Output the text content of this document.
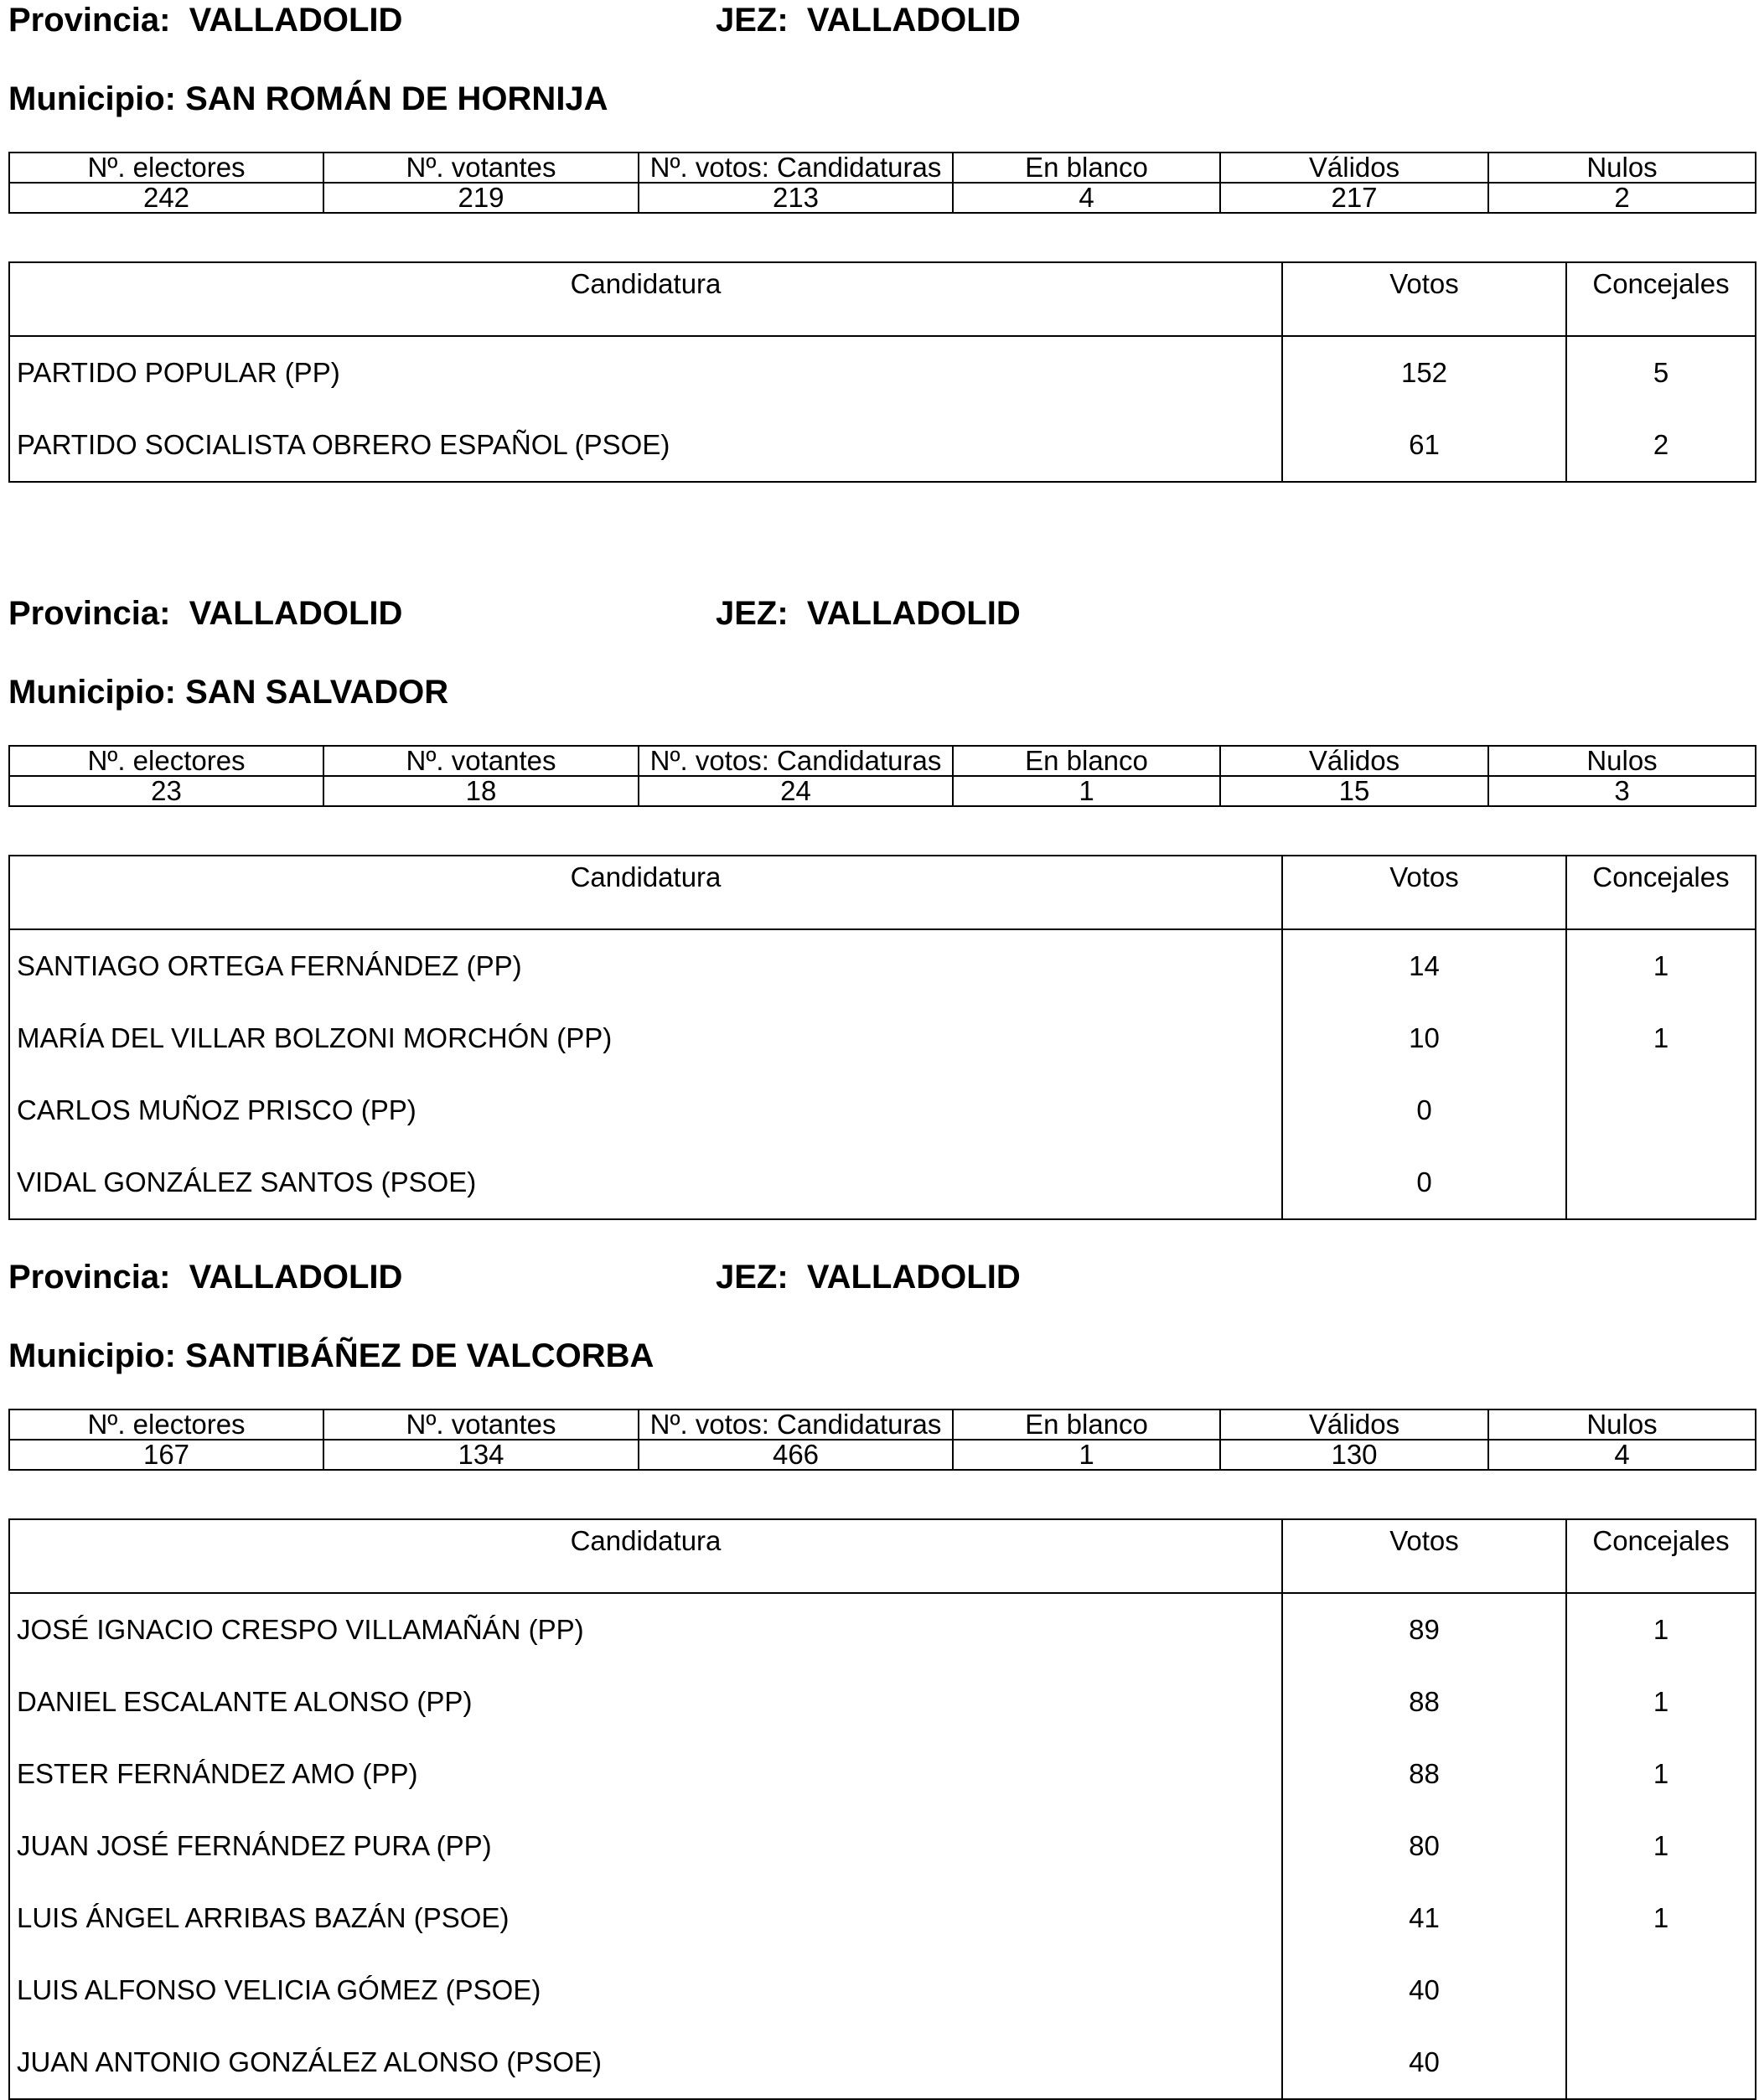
Provincia: VALLADOLID	JEZ: VALLADOLID
Municipio: SAN ROMÁN DE HORNIJA
Nº. electores	Nº. votantes	Nº. votos: Candidaturas	En blanco	Válidos	Nulos
242	219	213	4	217	2
Candidatura	Votos	Concejales
PARTIDO POPULAR (PP)	152	5
PARTIDO SOCIALISTA OBRERO ESPAÑOL (PSOE)	61	2
Provincia: VALLADOLID	JEZ: VALLADOLID
Municipio: SAN SALVADOR
Nº. electores	Nº. votantes	Nº. votos: Candidaturas	En blanco	Válidos	Nulos
23	18	24	1	15	3
Candidatura	Votos	Concejales
SANTIAGO ORTEGA FERNÁNDEZ (PP)	14	1
MARÍA DEL VILLAR BOLZONI MORCHÓN (PP)	10	1
CARLOS MUÑOZ PRISCO (PP)	0	
VIDAL GONZÁLEZ SANTOS (PSOE)	0	
Provincia: VALLADOLID	JEZ: VALLADOLID
Municipio: SANTIBÁÑEZ DE VALCORBA
Nº. electores	Nº. votantes	Nº. votos: Candidaturas	En blanco	Válidos	Nulos
167	134	466	1	130	4
Candidatura	Votos	Concejales
JOSÉ IGNACIO CRESPO VILLAMAÑÁN (PP)	89	1
DANIEL ESCALANTE ALONSO (PP)	88	1
ESTER FERNÁNDEZ AMO (PP)	88	1
JUAN JOSÉ FERNÁNDEZ PURA (PP)	80	1
LUIS ÁNGEL ARRIBAS BAZÁN (PSOE)	41	1
LUIS ALFONSO VELICIA GÓMEZ (PSOE)	40	
JUAN ANTONIO GONZÁLEZ ALONSO (PSOE)	40	
